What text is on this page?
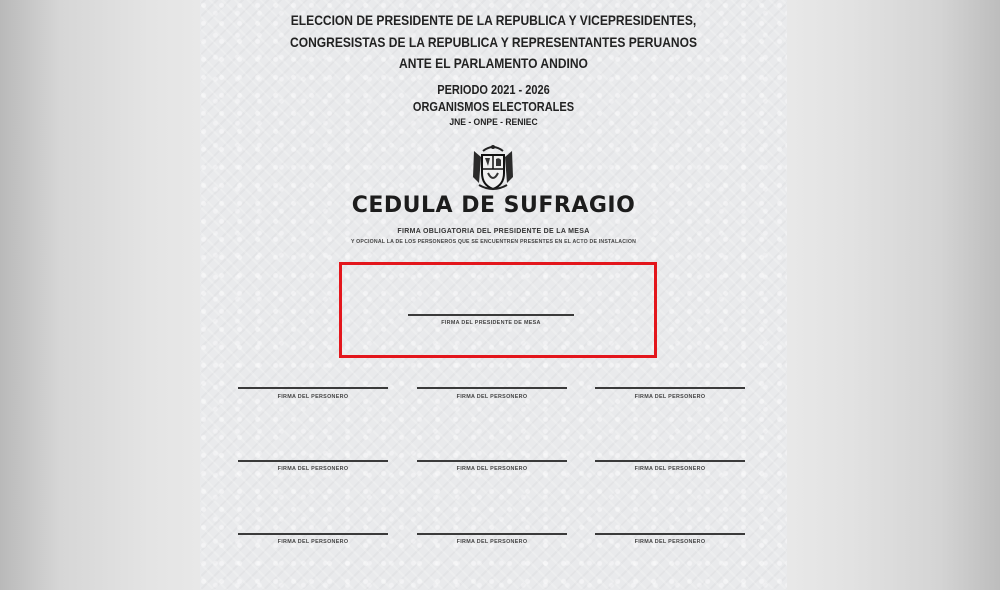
ELECCION DE PRESIDENTE DE LA REPUBLICA Y VICEPRESIDENTES,
CONGRESISTAS DE LA REPUBLICA Y REPRESENTANTES PERUANOS
ANTE EL PARLAMENTO ANDINO
PERIODO 2021 - 2026
ORGANISMOS ELECTORALES
JNE - ONPE - RENIEC
CEDULA DE SUFRAGIO
FIRMA OBLIGATORIA DEL PRESIDENTE DE LA MESA
Y OPCIONAL LA DE LOS PERSONEROS QUE SE ENCUENTREN PRESENTES EN EL ACTO DE INSTALACION
FIRMA DEL PRESIDENTE DE MESA
FIRMA DEL PERSONERO	FIRMA DEL PERSONERO	FIRMA DEL PERSONERO
FIRMA DEL PERSONERO	FIRMA DEL PERSONERO	FIRMA DEL PERSONERO
FIRMA DEL PERSONERO	FIRMA DEL PERSONERO	FIRMA DEL PERSONERO
